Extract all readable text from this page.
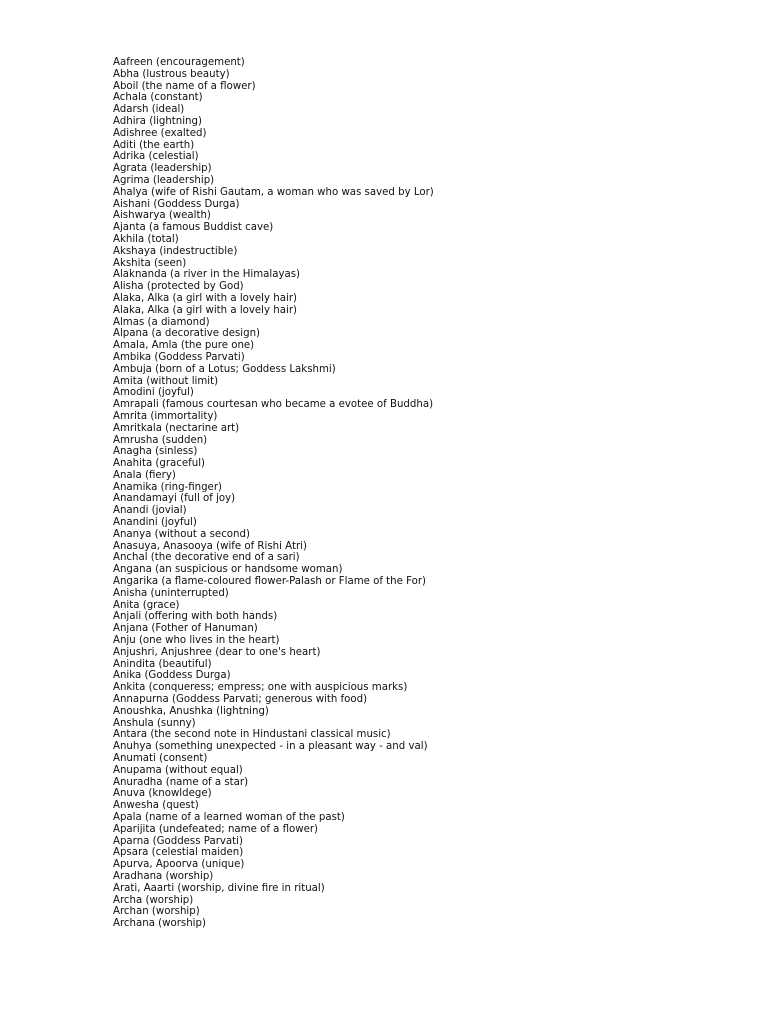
Aafreen (encouragement)
Abha (lustrous beauty)
Aboil (the name of a flower)
Achala (constant)
Adarsh (ideal)
Adhira (lightning)
Adishree (exalted)
Aditi (the earth)
Adrika (celestial)
Agrata (leadership)
Agrima (leadership)
Ahalya (wife of Rishi Gautam, a woman who was saved by Lor)
Aishani (Goddess Durga)
Aishwarya (wealth)
Ajanta (a famous Buddist cave)
Akhila (total)
Akshaya (indestructible)
Akshita (seen)
Alaknanda (a river in the Himalayas)
Alisha (protected by God)
Alaka, Alka (a girl with a lovely hair)
Alaka, Alka (a girl with a lovely hair)
Almas (a diamond)
Alpana (a decorative design)
Amala, Amla (the pure one)
Ambika (Goddess Parvati)
Ambuja (born of a Lotus; Goddess Lakshmi)
Amita (without limit)
Amodini (joyful)
Amrapali (famous courtesan who became a evotee of Buddha)
Amrita (immortality)
Amritkala (nectarine art)
Amrusha (sudden)
Anagha (sinless)
Anahita (graceful)
Anala (fiery)
Anamika (ring-finger)
Anandamayi (full of joy)
Anandi (jovial)
Anandini (joyful)
Ananya (without a second)
Anasuya, Anasooya (wife of Rishi Atri)
Anchal (the decorative end of a sari)
Angana (an suspicious or handsome woman)
Angarika (a flame-coloured flower-Palash or Flame of the For)
Anisha (uninterrupted)
Anita (grace)
Anjali (offering with both hands)
Anjana (Fother of Hanuman)
Anju (one who lives in the heart)
Anjushri, Anjushree (dear to one's heart)
Anindita (beautiful)
Anika (Goddess Durga)
Ankita (conqueress; empress; one with auspicious marks)
Annapurna (Goddess Parvati; generous with food)
Anoushka, Anushka (lightning)
Anshula (sunny)
Antara (the second note in Hindustani classical music)
Anuhya (something unexpected - in a pleasant way - and val)
Anumati (consent)
Anupama (without equal)
Anuradha (name of a star)
Anuva (knowldege)
Anwesha (quest)
Apala (name of a learned woman of the past)
Aparijita (undefeated; name of a flower)
Aparna (Goddess Parvati)
Apsara (celestial maiden)
Apurva, Apoorva (unique)
Aradhana (worship)
Arati, Aaarti (worship, divine fire in ritual)
Archa (worship)
Archan (worship)
Archana (worship)
